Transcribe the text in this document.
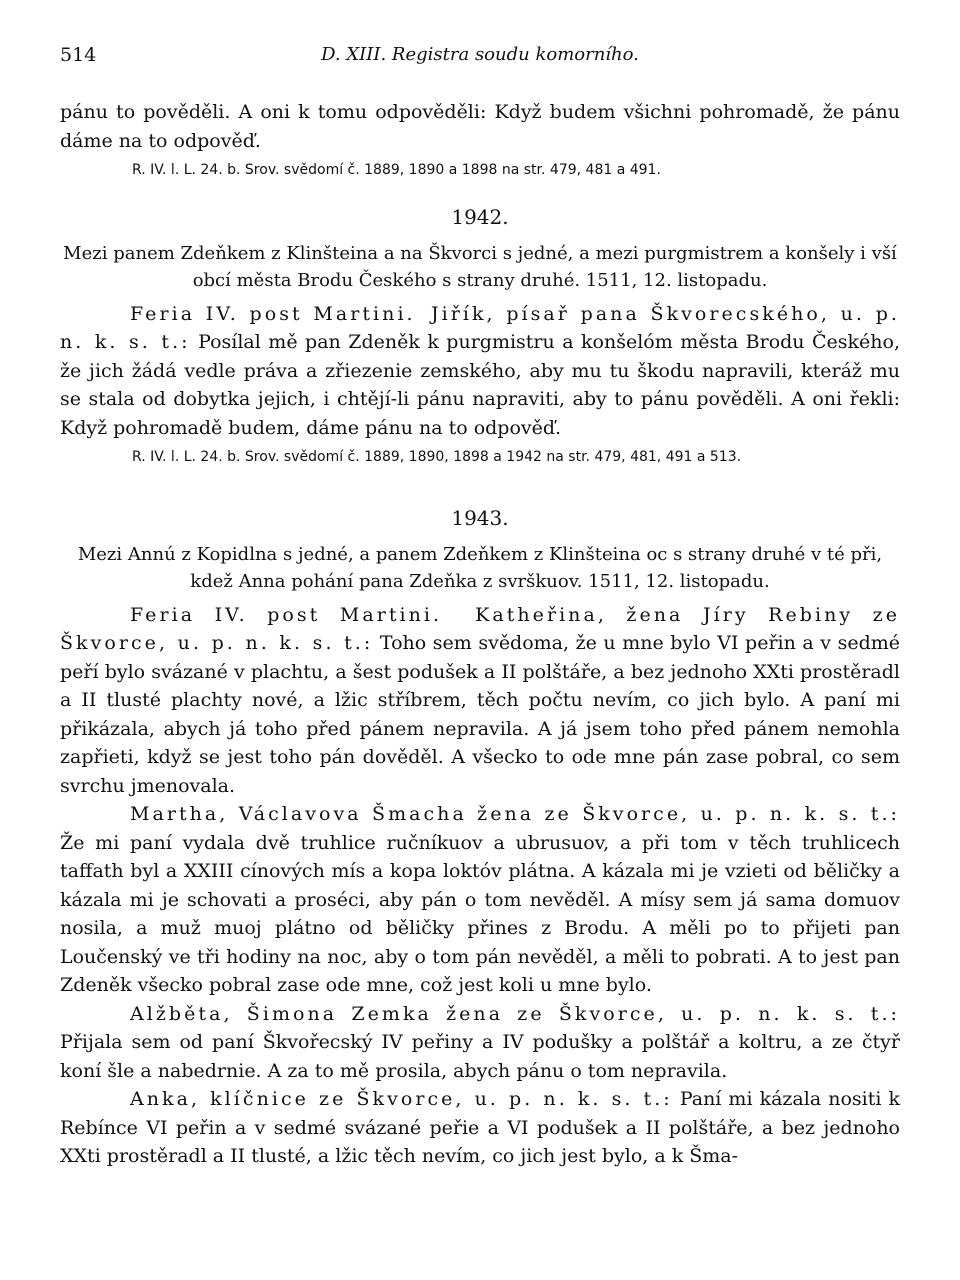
514	D. XIII. Registra soudu komorního.

pánu to pověděli. A oni k tomu odpověděli: Když budem všichni pohromadě, že pánu dáme na to odpověď.

R. IV. l. L. 24. b. Srov. svědomí č. 1889, 1890 a 1898 na str. 479, 481 a 491.

1942.

Mezi panem Zdeňkem z Klinšteina a na Škvorci s jedné, a mezi purgmistrem a konšely i vší obcí města Brodu Českého s strany druhé. 1511, 12. listopadu.

Feria IV. post Martini. Jiřík, písař pana Škvorecského, u. p. n. k. s. t.: Posílal mě pan Zdeněk k purgmistru a konšelóm města Brodu Českého, že jich žádá vedle práva a zřiezenie zemského, aby mu tu škodu napravili, kteráž mu se stala od dobytka jejich, i chtějí-li pánu napraviti, aby to pánu pověděli. A oni řekli: Když pohromadě budem, dáme pánu na to odpověď.

R. IV. l. L. 24. b. Srov. svědomí č. 1889, 1890, 1898 a 1942 na str. 479, 481, 491 a 513.

1943.

Mezi Annú z Kopidlna s jedné, a panem Zdeňkem z Klinšteina oc s strany druhé v té při, kdež Anna pohání pana Zdeňka z svrškuov. 1511, 12. listopadu.

Feria IV. post Martini. Katheřina, žena Jíry Rebiny ze Škvorce, u. p. n. k. s. t.: Toho sem svědoma, že u mne bylo VI peřin a v sedmé peří bylo svázané v plachtu, a šest podušek a II polštáře, a bez jednoho XXti prostěradl a II tlusté plachty nové, a lžic stříbrem, těch počtu nevím, co jich bylo. A paní mi přikázala, abych já toho před pánem nepravila. A já jsem toho před pánem nemohla zapřieti, když se jest toho pán dověděl. A všecko to ode mne pán zase pobral, co sem svrchu jmenovala.

Martha, Václavova Šmacha žena ze Škvorce, u. p. n. k. s. t.: Že mi paní vydala dvě truhlice ručníkuov a ubrusuov, a při tom v těch truhlicech taffath byl a XXIII cínových mís a kopa loktóv plátna. A kázala mi je vzieti od běličky a kázala mi je schovati a proséci, aby pán o tom nevěděl. A mísy sem já sama domuov nosila, a muž muoj plátno od běličky přines z Brodu. A měli po to přijeti pan Loučenský ve tři hodiny na noc, aby o tom pán nevěděl, a měli to pobrati. A to jest pan Zdeněk všecko pobral zase ode mne, což jest koli u mne bylo.

Alžběta, Šimona Zemka žena ze Škvorce, u. p. n. k. s. t.: Přijala sem od paní Škvořecský IV peřiny a IV podušky a polštář a koltru, a ze čtyř koní šle a nabedrnie. A za to mě prosila, abych pánu o tom nepravila.

Anka, klíčnice ze Škvorce, u. p. n. k. s. t.: Paní mi kázala nositi k Rebínce VI peřin a v sedmé svázané peřie a VI podušek a II polštáře, a bez jednoho XXti prostěradl a II tlusté, a lžic těch nevím, co jich jest bylo, a k Šma-
